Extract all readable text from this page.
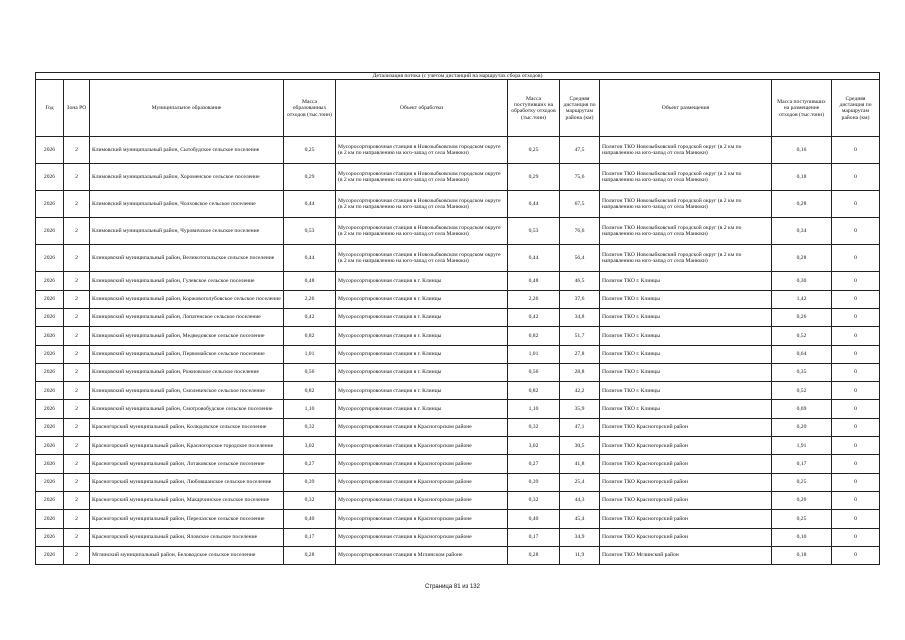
Детализация потока (с учетом дистанций на маршрутах сбора отходов)									
Год	Зона РО	Муниципальное образование	Масса образованных отходов (тыс.тонн)	Объект обработки	Масса поступивших на обработку отходов (тыс.тонн)	Средняя дистанция по маршрутам района (км)	Объект размещения	Масса поступивших на размещение отходов (тыс.тонн)	Средняя дистанция по маршрутам района (км)
2026	2	Климовский муниципальный район, Сытобудское сельское поселение	0,25	Мусоросортировочная станция в Новозыбковском городском округе (в 2 км по направлению на юго-запад от села Манюки)	0,25	47,5	Полигон ТКО Новозыбковский городской округ (в 2 км по направлению на юго-запад от села Манюки)	0,16	0
2026	2	Климовский муниципальный район, Хороменское сельское поселение	0,29	Мусоросортировочная станция в Новозыбковском городском округе (в 2 км по направлению на юго-запад от села Манюки)	0,29	75,6	Полигон ТКО Новозыбковский городской округ (в 2 км по направлению на юго-запад от села Манюки)	0,18	0
2026	2	Климовский муниципальный район, Чолховское сельское поселение	0,44	Мусоросортировочная станция в Новозыбковском городском округе (в 2 км по направлению на юго-запад от села Манюки)	0,44	67,5	Полигон ТКО Новозыбковский городской округ (в 2 км по направлению на юго-запад от села Манюки)	0,28	0
2026	2	Климовский муниципальный район, Чуровичское сельское поселение	0,53	Мусоросортировочная станция в Новозыбковском городском округе (в 2 км по направлению на юго-запад от села Манюки)	0,53	76,6	Полигон ТКО Новозыбковский городской округ (в 2 км по направлению на юго-запад от села Манюки)	0,34	0
2026	2	Клинцовский муниципальный район, Великотопальское сельское поселение	0,44	Мусоросортировочная станция в Новозыбковском городском округе (в 2 км по направлению на юго-запад от села Манюки)	0,44	56,4	Полигон ТКО Новозыбковский городской округ (в 2 км по направлению на юго-запад от села Манюки)	0,28	0
2026	2	Клинцовский муниципальный район, Гулевское сельское поселение	0,48	Мусоросортировочная станция в г. Клинцы	0,48	46,5	Полигон ТКО г. Клинцы	0,30	0
2026	2	Клинцовский муниципальный район, Коржовоголубовское сельское поселение	2,26	Мусоросортировочная станция в г. Клинцы	2,26	37,6	Полигон ТКО г. Клинцы	1,42	0
2026	2	Клинцовский муниципальный район, Лопатенское сельское поселение	0,42	Мусоросортировочная станция в г. Клинцы	0,42	34,8	Полигон ТКО г. Клинцы	0,26	0
2026	2	Клинцовский муниципальный район, Медведовское сельское поселение	0,82	Мусоросортировочная станция в г. Клинцы	0,82	51,7	Полигон ТКО г. Клинцы	0,52	0
2026	2	Клинцовский муниципальный район, Первомайское сельское поселение	1,01	Мусоросортировочная станция в г. Клинцы	1,01	27,8	Полигон ТКО г. Клинцы	0,64	0
2026	2	Клинцовский муниципальный район, Рожновское сельское поселение	0,56	Мусоросортировочная станция в г. Клинцы	0,56	28,8	Полигон ТКО г. Клинцы	0,35	0
2026	2	Клинцовский муниципальный район, Смолевичское сельское поселение	0,82	Мусоросортировочная станция в г. Клинцы	0,82	42,2	Полигон ТКО г. Клинцы	0,52	0
2026	2	Клинцовский муниципальный район, Смотровобудское сельское поселение	1,10	Мусоросортировочная станция в г. Клинцы	1,10	35,9	Полигон ТКО г. Клинцы	0,69	0
2026	2	Красногорский муниципальный район, Колюдовское сельское поселение	0,32	Мусоросортировочная станция в Красногорском районе	0,32	47,1	Полигон ТКО Красногорский район	0,20	0
2026	2	Красногорский муниципальный район, Красногорское городское поселение	3,02	Мусоросортировочная станция в Красногорском районе	3,02	30,5	Полигон ТКО Красногорский район	1,91	0
2026	2	Красногорский муниципальный район, Лотаковское сельское поселение	0,27	Мусоросортировочная станция в Красногорском районе	0,27	41,8	Полигон ТКО Красногорский район	0,17	0
2026	2	Красногорский муниципальный район, Любовшанское сельское поселение	0,39	Мусоросортировочная станция в Красногорском районе	0,39	25,4	Полигон ТКО Красногорский район	0,25	0
2026	2	Красногорский муниципальный район, Макарчинское сельское поселение	0,32	Мусоросортировочная станция в Красногорском районе	0,32	44,3	Полигон ТКО Красногорский район	0,20	0
2026	2	Красногорский муниципальный район, Перелазское сельское поселение	0,40	Мусоросортировочная станция в Красногорском районе	0,40	45,4	Полигон ТКО Красногорский район	0,25	0
2026	2	Красногорский муниципальный район, Яловское сельское поселение	0,17	Мусоросортировочная станция в Красногорском районе	0,17	34,9	Полигон ТКО Красногорский район	0,10	0
2026	2	Мглинский муниципальный район, Беловодское сельское поселение	0,28	Мусоросортировочная станция в Мглинском районе	0,28	11,9	Полигон ТКО Мглинский район	0,18	0
Страница 81 из 132
